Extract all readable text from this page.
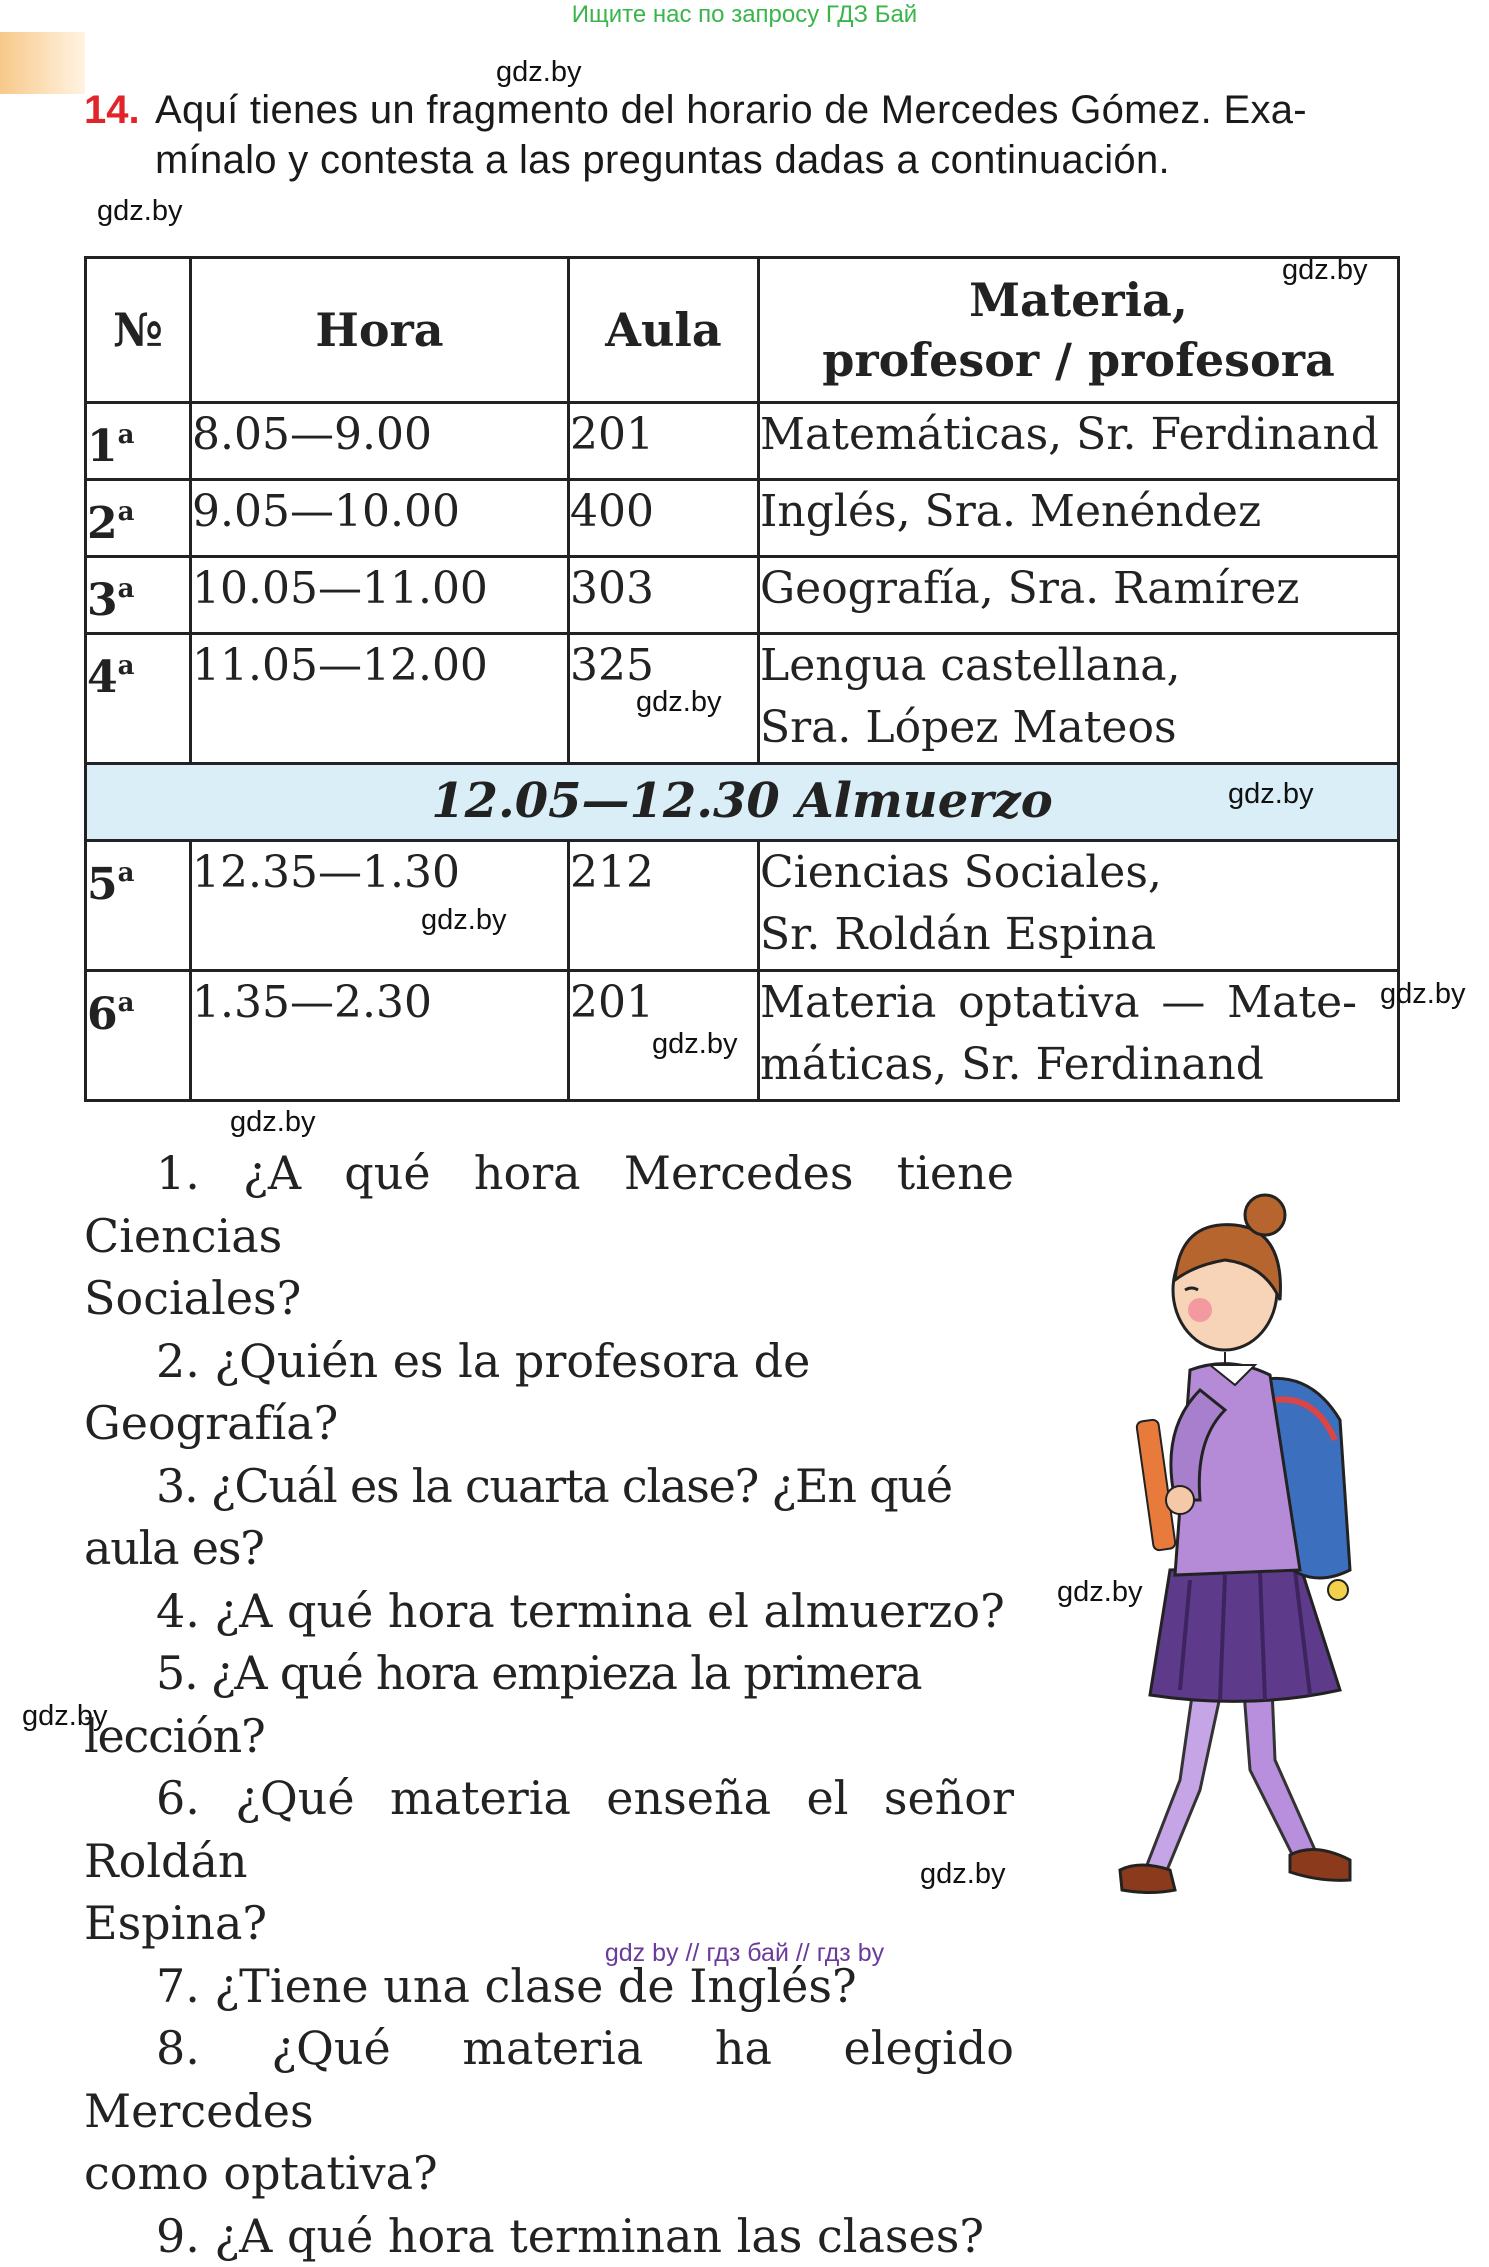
Ищите нас по запросу ГДЗ Бай
gdz.by
gdz.by
gdz.by
gdz.by
gdz.by
gdz.by
gdz.by
gdz.by
gdz.by
gdz.by
gdz.by
gdz.by
14. Aquí tienes un fragmento del horario de Mercedes Gómez. Exa-
mínalo y contesta a las preguntas dadas a continuación.
№	Hora	Aula	Materia,
profesor / profesora

1$^a$	8.05—9.00	201	Matemáticas, Sr. Ferdinand
2$^a$	9.05—10.00	400	Inglés, Sra. Menéndez
3$^a$	10.05—11.00	303	Geografía, Sra. Ramírez
4$^a$	11.05—12.00	325	Lengua castellana,
Sra. López Mateos

12.05—12.30 Almuerzo			
5$^a$	12.35—1.30	212	Ciencias Sociales,
Sr. Roldán Espina

6$^a$	1.35—2.30	201	Materia optativa — Mate-
máticas, Sr. Ferdinand

1. ¿A qué hora Mercedes tiene Ciencias

Sociales?

2. ¿Quién es la profesora de Geografía?

3. ¿Cuál es la cuarta clase? ¿En qué aula es?

4. ¿A qué hora termina el almuerzo?

5. ¿A qué hora empieza la primera lección?

6. ¿Qué materia enseña el señor Roldán

Espina?

7. ¿Tiene una clase de Inglés?

8. ¿Qué materia ha elegido Mercedes

como optativa?

9. ¿A qué hora terminan las clases?

gdz by // гдз бай // гдз by
